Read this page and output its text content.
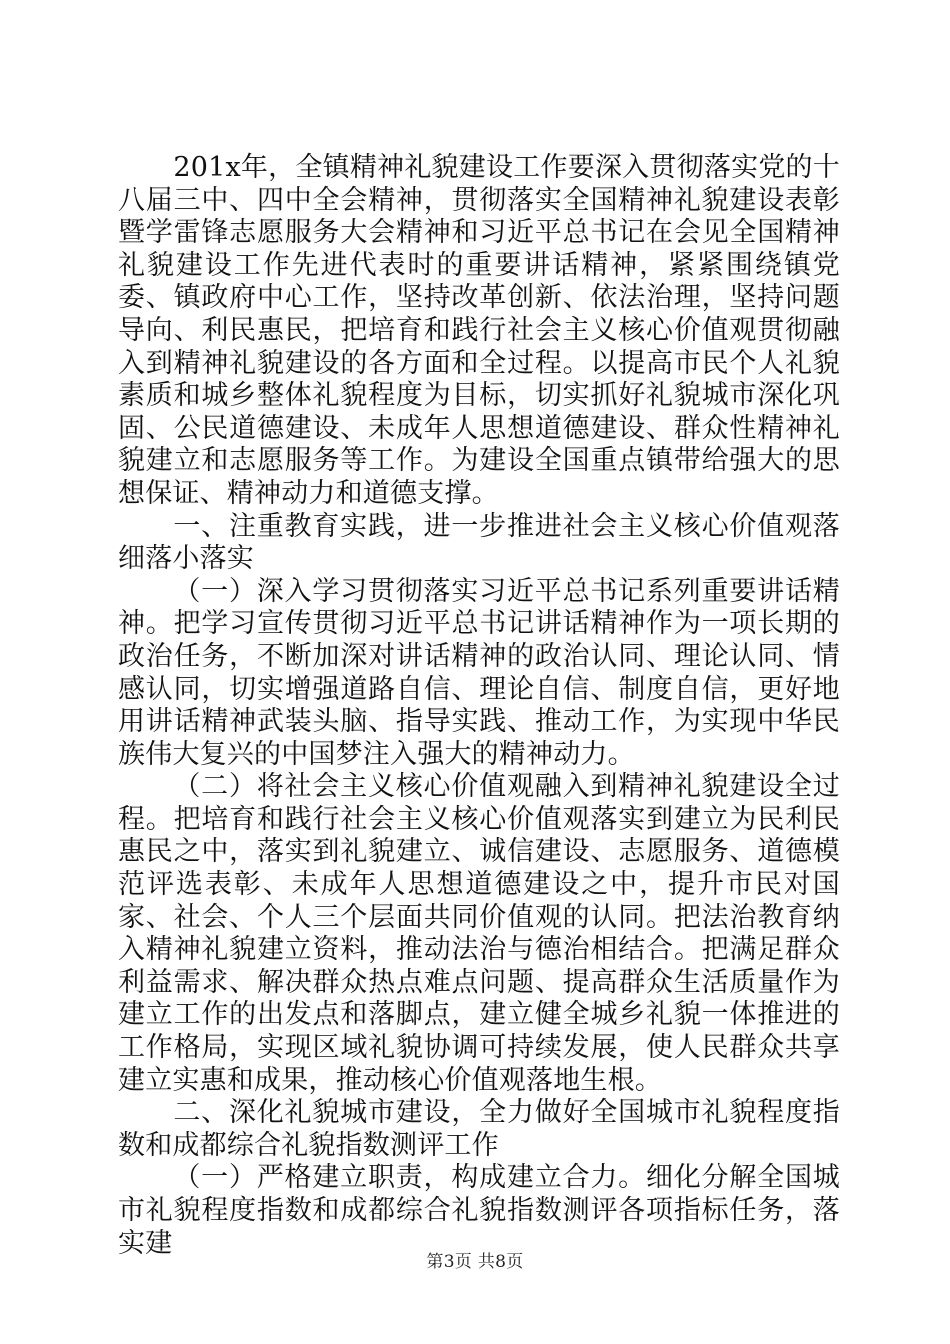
201x年，全镇精神礼貌建设工作要深入贯彻落实党的十八届三中、四中全会精神，贯彻落实全国精神礼貌建设表彰暨学雷锋志愿服务大会精神和习近平总书记在会见全国精神礼貌建设工作先进代表时的重要讲话精神，紧紧围绕镇党委、镇政府中心工作，坚持改革创新、依法治理，坚持问题导向、利民惠民，把培育和践行社会主义核心价值观贯彻融入到精神礼貌建设的各方面和全过程。以提高市民个人礼貌素质和城乡整体礼貌程度为目标，切实抓好礼貌城市深化巩固、公民道德建设、未成年人思想道德建设、群众性精神礼貌建立和志愿服务等工作。为建设全国重点镇带给强大的思想保证、精神动力和道德支撑。

一、注重教育实践，进一步推进社会主义核心价值观落细落小落实

（一）深入学习贯彻落实习近平总书记系列重要讲话精神。把学习宣传贯彻习近平总书记讲话精神作为一项长期的政治任务，不断加深对讲话精神的政治认同、理论认同、情感认同，切实增强道路自信、理论自信、制度自信，更好地用讲话精神武装头脑、指导实践、推动工作，为实现中华民族伟大复兴的中国梦注入强大的精神动力。

（二）将社会主义核心价值观融入到精神礼貌建设全过程。把培育和践行社会主义核心价值观落实到建立为民利民惠民之中，落实到礼貌建立、诚信建设、志愿服务、道德模范评选表彰、未成年人思想道德建设之中，提升市民对国家、社会、个人三个层面共同价值观的认同。把法治教育纳入精神礼貌建立资料，推动法治与德治相结合。把满足群众利益需求、解决群众热点难点问题、提高群众生活质量作为建立工作的出发点和落脚点，建立健全城乡礼貌一体推进的工作格局，实现区域礼貌协调可持续发展，使人民群众共享建立实惠和成果，推动核心价值观落地生根。

二、深化礼貌城市建设，全力做好全国城市礼貌程度指数和成都综合礼貌指数测评工作

（一）严格建立职责，构成建立合力。细化分解全国城市礼貌程度指数和成都综合礼貌指数测评各项指标任务，落实建

第3页 共8页
